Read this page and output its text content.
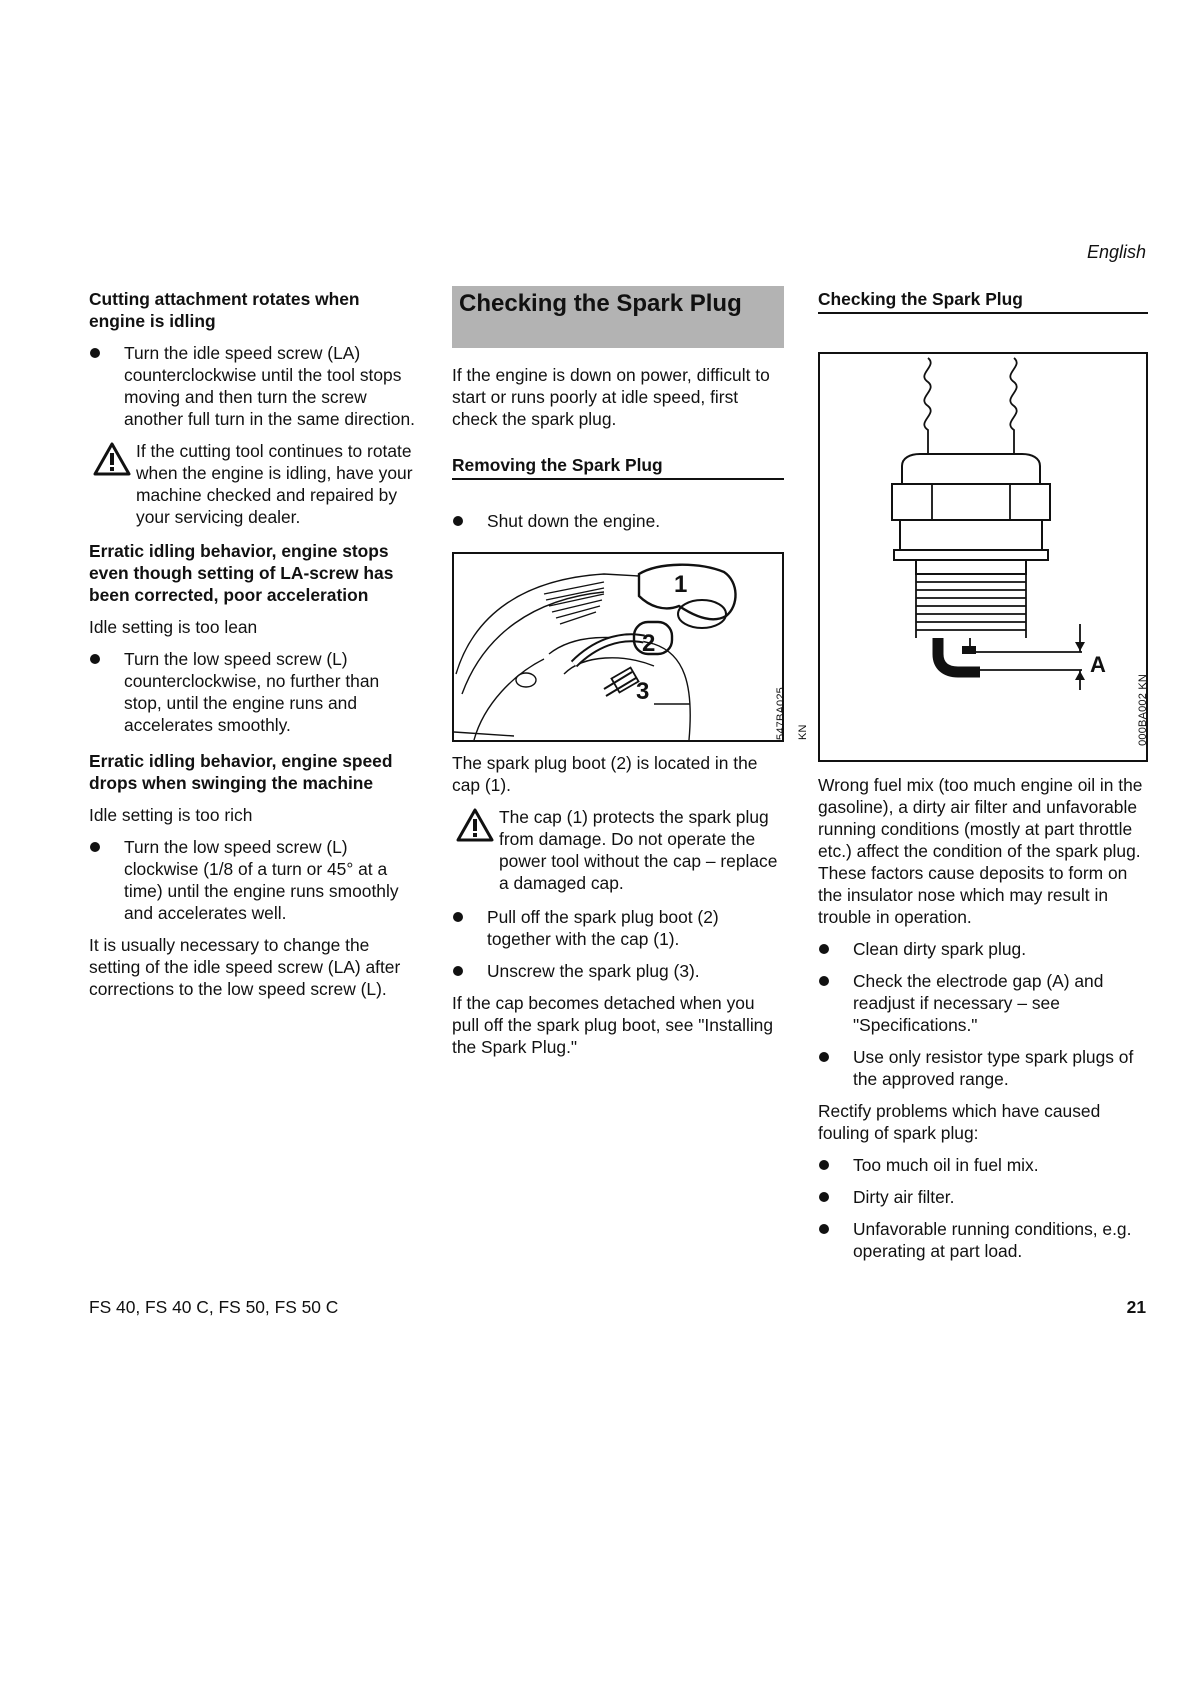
English
Cutting attachment rotates when engine is idling
Turn the idle speed screw (LA) counterclockwise until the tool stops moving and then turn the screw another full turn in the same direction.
If the cutting tool continues to rotate when the engine is idling, have your machine checked and repaired by your servicing dealer.
Erratic idling behavior, engine stops even though setting of LA-screw has been corrected, poor acceleration
Idle setting is too lean
Turn the low speed screw (L) counterclockwise, no further than stop, until the engine runs and accelerates smoothly.
Erratic idling behavior, engine speed drops when swinging the machine
Idle setting is too rich
Turn the low speed screw (L) clockwise (1/8 of a turn or 45° at a time) until the engine runs smoothly and accelerates well.
It is usually necessary to change the setting of the idle speed screw (LA) after corrections to the low speed screw (L).
Checking the Spark Plug
If the engine is down on power, difficult to start or runs poorly at idle speed, first check the spark plug.
Removing the Spark Plug
Shut down the engine.
1
2
3	547BA025 KN
The spark plug boot (2) is located in the cap (1).
The cap (1) protects the spark plug from damage. Do not operate the power tool without the cap – replace a damaged cap.
Pull off the spark plug boot (2) together with the cap (1).
Unscrew the spark plug (3).
If the cap becomes detached when you pull off the spark plug boot, see "Installing the Spark Plug."
Checking the Spark Plug
A
000BA002 KN
Wrong fuel mix (too much engine oil in the gasoline), a dirty air filter and unfavorable running conditions (mostly at part throttle etc.) affect the condition of the spark plug. These factors cause deposits to form on the insulator nose which may result in trouble in operation.
Clean dirty spark plug.
Check the electrode gap (A) and readjust if necessary – see "Specifications."
Use only resistor type spark plugs of the approved range.
Rectify problems which have caused fouling of spark plug:
Too much oil in fuel mix.
Dirty air filter.
Unfavorable running conditions, e.g. operating at part load.
FS 40, FS 40 C, FS 50, FS 50 C	21
